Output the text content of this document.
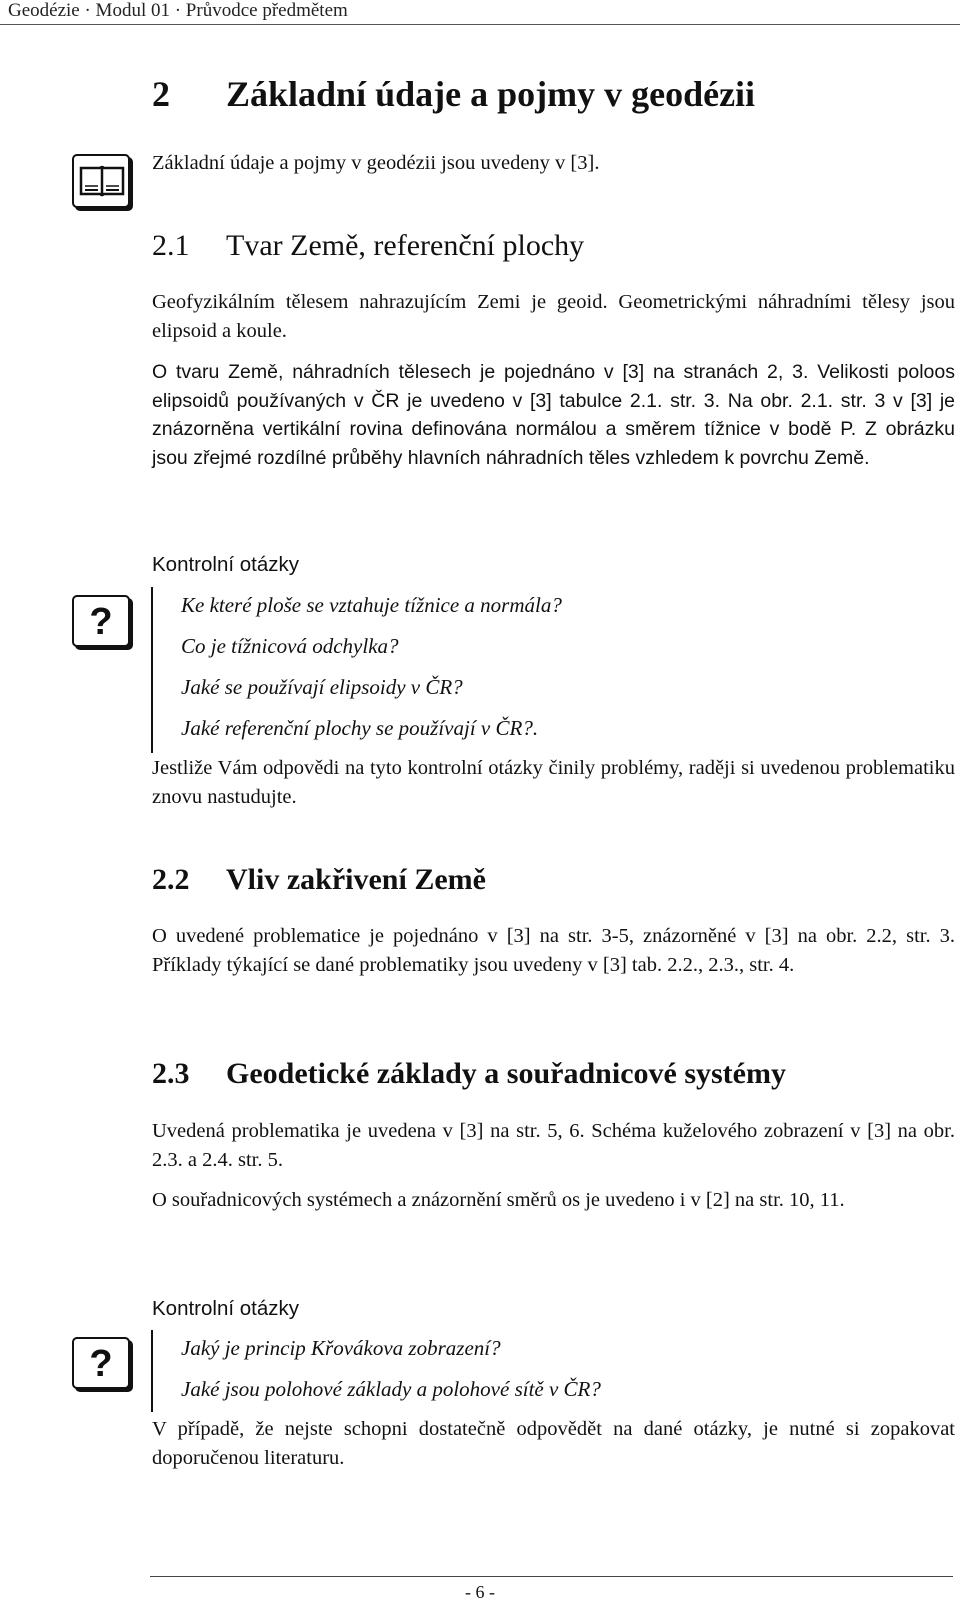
Geodézie · Modul 01 · Průvodce předmětem
2 Základní údaje a pojmy v geodézii

Základní údaje a pojmy v geodézii jsou uvedeny v [3].

2.1 Tvar Země, referenční plochy

Geofyzikálním tělesem nahrazujícím Zemi je geoid. Geometrickými náhradními tělesy jsou elipsoid a koule.

O tvaru Země, náhradních tělesech je pojednáno v [3] na stranách 2, 3. Velikosti poloos elipsoidů používaných v ČR je uvedeno v [3] tabulce 2.1. str. 3. Na obr. 2.1. str. 3 v [3] je znázorněna vertikální rovina definována normálou a směrem tížnice v bodě P. Z obrázku jsou zřejmé rozdílné průběhy hlavních náhradních těles vzhledem k povrchu Země.

Kontrolní otázky
?	Ke které ploše se vztahuje tížnice a normála?
Co je tížnicová odchylka?
Jaké se používají elipsoidy v ČR?
Jaké referenční plochy se používají v ČR?.

Jestliže Vám odpovědi na tyto kontrolní otázky činily problémy, raději si uvedenou problematiku znovu nastudujte.

2.2 Vliv zakřivení Země

O uvedené problematice je pojednáno v [3] na str. 3-5, znázorněné v [3] na obr. 2.2, str. 3. Příklady týkající se dané problematiky jsou uvedeny v [3] tab. 2.2., 2.3., str. 4.

2.3 Geodetické základy a souřadnicové systémy

Uvedená problematika je uvedena v [3] na str. 5, 6. Schéma kuželového zobrazení v [3] na obr. 2.3. a 2.4. str. 5.

O souřadnicových systémech a znázornění směrů os je uvedeno i v [2] na str. 10, 11.

Kontrolní otázky
?	Jaký je princip Křovákova zobrazení?
Jaké jsou polohové základy a polohové sítě v ČR?

V případě, že nejste schopni dostatečně odpovědět na dané otázky, je nutné si zopakovat doporučenou literaturu.

- 6 -
